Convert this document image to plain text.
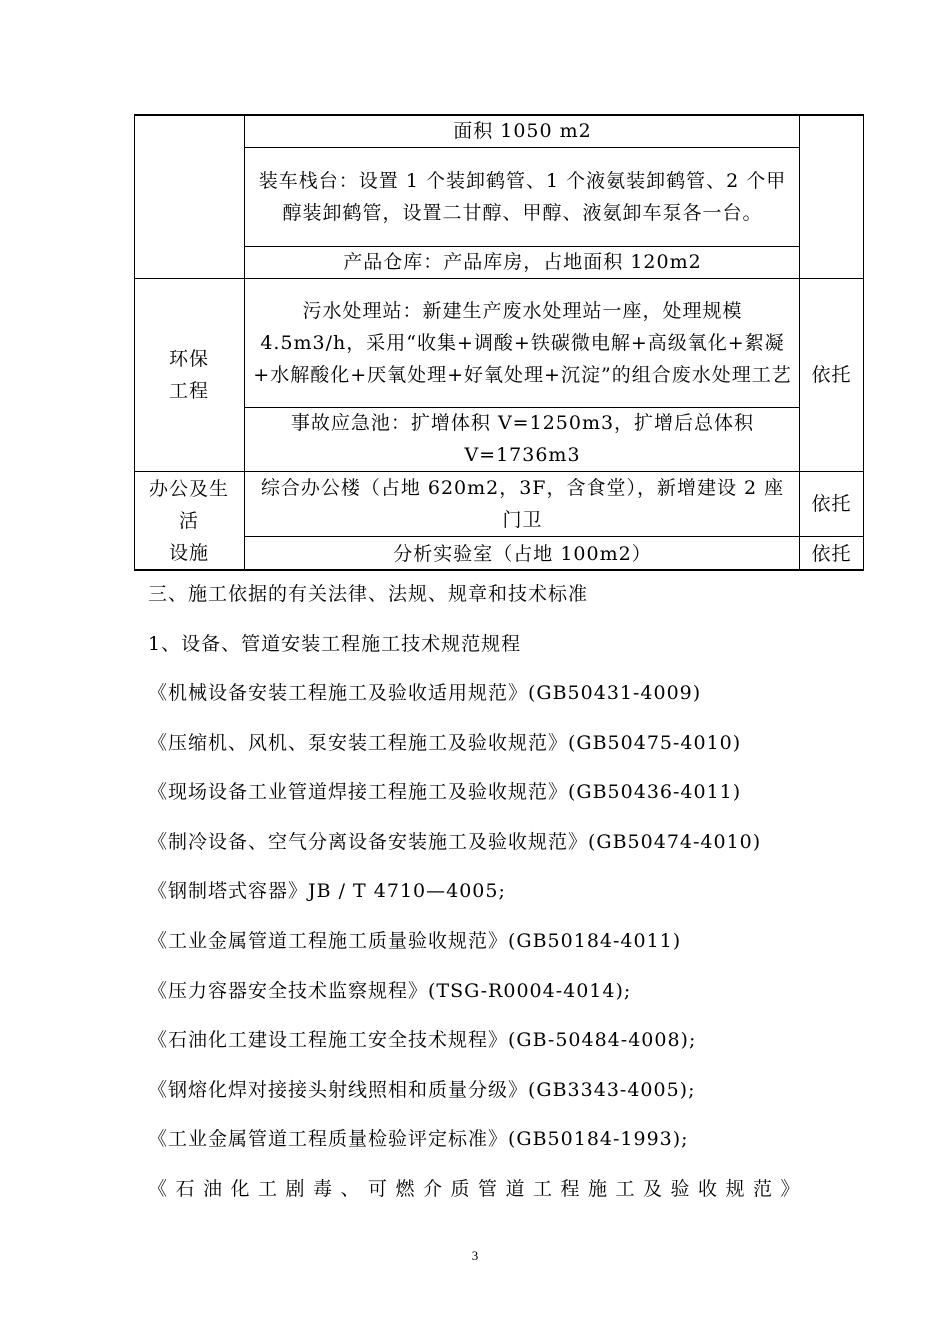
面积 1050 m2
装车栈台：设置 1 个装卸鹤管、1 个液氨装卸鹤管、2 个甲醇装卸鹤管，设置二甘醇、甲醇、液氨卸车泵各一台。
产品仓库：产品库房，占地面积 120m2
环保
工程
污水处理站：新建生产废水处理站一座，处理规模 4.5m3/h，采用“收集+调酸+铁碳微电解+高级氧化+絮凝+水解酸化+厌氧处理+好氧处理+沉淀”的组合废水处理工艺
事故应急池：扩增体积 V=1250m3，扩增后总体积 V=1736m3
依托
办公及生
活
设施
综合办公楼（占地 620m2，3F，含食堂），新增建设 2 座门卫
依托
分析实验室（占地 100m2）	依托
三、施工依据的有关法律、法规、规章和技术标准
1、设备、管道安装工程施工技术规范规程
《机械设备安装工程施工及验收适用规范》(GB50431-4009)
《压缩机、风机、泵安装工程施工及验收规范》(GB50475-4010)
《现场设备工业管道焊接工程施工及验收规范》(GB50436-4011)
《制冷设备、空气分离设备安装施工及验收规范》(GB50474-4010)
《钢制塔式容器》JB / T 4710—4005;
《工业金属管道工程施工质量验收规范》(GB50184-4011)
《压力容器安全技术监察规程》(TSG-R0004-4014);
《石油化工建设工程施工安全技术规程》(GB-50484-4008);
《钢熔化焊对接接头射线照相和质量分级》(GB3343-4005);
《工业金属管道工程质量检验评定标准》(GB50184-1993);
《石油化工剧毒、可燃介质管道工程施工及验收规范》
3
